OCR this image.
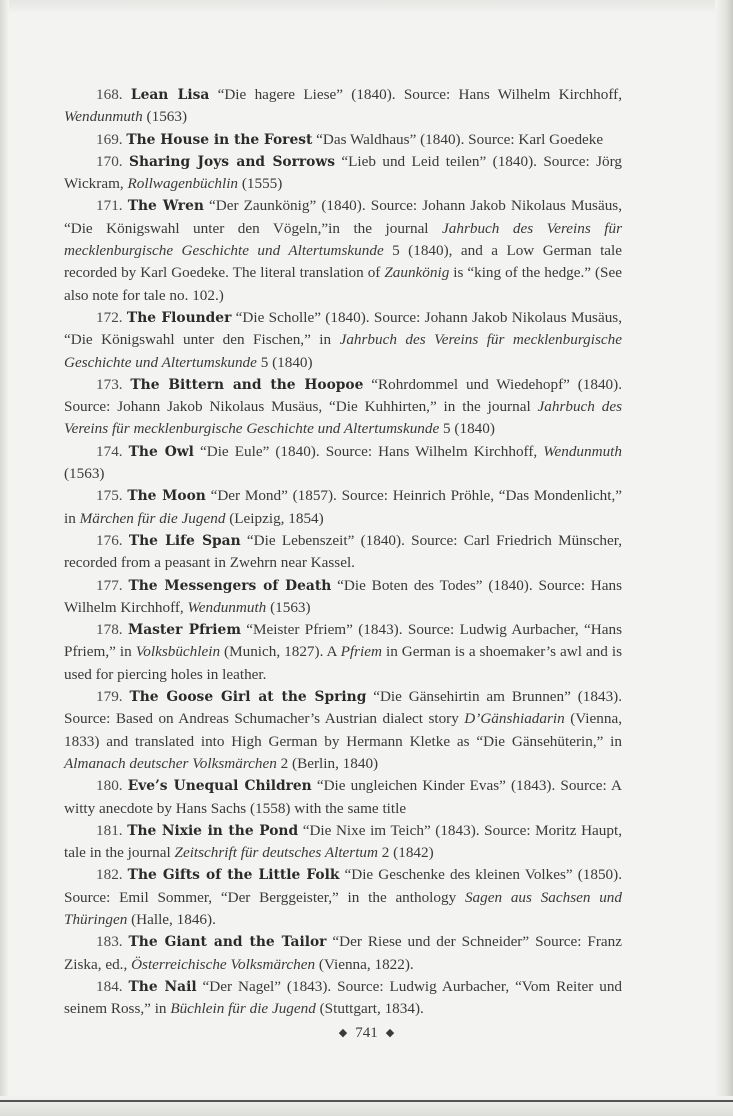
168. Lean Lisa “Die hagere Liese” (1840). Source: Hans Wilhelm Kirchhoff, Wendunmuth (1563)

169. The House in the Forest “Das Waldhaus” (1840). Source: Karl Goedeke

170. Sharing Joys and Sorrows “Lieb und Leid teilen” (1840). Source: Jörg Wickram, Rollwagenbüchlin (1555)

171. The Wren “Der Zaunkönig” (1840). Source: Johann Jakob Nikolaus Musäus, “Die Königswahl unter den Vögeln,”in the journal Jahrbuch des Vereins für mecklenburgische Geschichte und Altertumskunde 5 (1840), and a Low German tale recorded by Karl Goedeke. The literal translation of Zaunkönig is “king of the hedge.” (See also note for tale no. 102.)

172. The Flounder “Die Scholle” (1840). Source: Johann Jakob Nikolaus Musäus, “Die Königswahl unter den Fischen,” in Jahrbuch des Vereins für mecklenburgische Geschichte und Altertumskunde 5 (1840)

173. The Bittern and the Hoopoe “Rohrdommel und Wiedehopf” (1840). Source: Johann Jakob Nikolaus Musäus, “Die Kuhhirten,” in the journal Jahrbuch des Vereins für mecklenburgische Geschichte und Altertumskunde 5 (1840)

174. The Owl “Die Eule” (1840). Source: Hans Wilhelm Kirchhoff, Wendunmuth (1563)

175. The Moon “Der Mond” (1857). Source: Heinrich Pröhle, “Das Mondenlicht,” in Märchen für die Jugend (Leipzig, 1854)

176. The Life Span “Die Lebenszeit” (1840). Source: Carl Friedrich Münscher, recorded from a peasant in Zwehrn near Kassel.

177. The Messengers of Death “Die Boten des Todes” (1840). Source: Hans Wilhelm Kirchhoff, Wendunmuth (1563)

178. Master Pfriem “Meister Pfriem” (1843). Source: Ludwig Aurbacher, “Hans Pfriem,” in Volksbüchlein (Munich, 1827). A Pfriem in German is a shoemaker’s awl and is used for piercing holes in leather.

179. The Goose Girl at the Spring “Die Gänsehirtin am Brunnen” (1843). Source: Based on Andreas Schumacher’s Austrian dialect story D’Gänshiadarin (Vienna, 1833) and translated into High German by Hermann Kletke as “Die Gänsehüterin,” in Almanach deutscher Volksmärchen 2 (Berlin, 1840)

180. Eve’s Unequal Children “Die ungleichen Kinder Evas” (1843). Source: A witty anecdote by Hans Sachs (1558) with the same title

181. The Nixie in the Pond “Die Nixe im Teich” (1843). Source: Moritz Haupt, tale in the journal Zeitschrift für deutsches Altertum 2 (1842)

182. The Gifts of the Little Folk “Die Geschenke des kleinen Volkes” (1850). Source: Emil Sommer, “Der Berggeister,” in the anthology Sagen aus Sachsen und Thüringen (Halle, 1846).

183. The Giant and the Tailor “Der Riese und der Schneider” Source: Franz Ziska, ed., Österreichische Volksmärchen (Vienna, 1822).

184. The Nail “Der Nagel” (1843). Source: Ludwig Aurbacher, “Vom Reiter und seinem Ross,” in Büchlein für die Jugend (Stuttgart, 1834).

◆ 741 ◆
